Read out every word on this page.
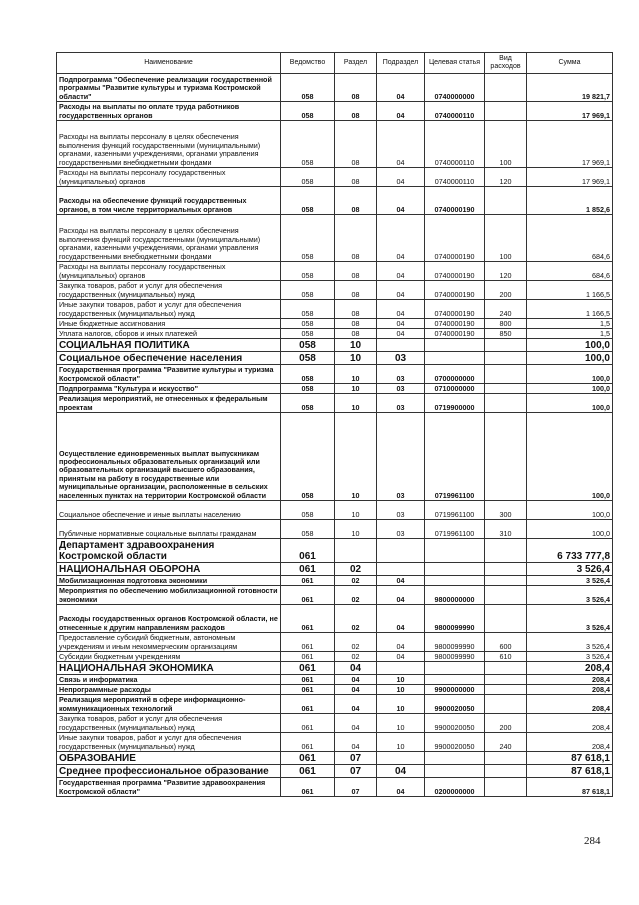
Наименование	Ведомство	Раздел	Подраздел	Целевая статья	Вид расходов	Сумма
Подпрограмма "Обеспечение реализации государственной программы "Развитие культуры и туризма Костромской области"	058	08	04	0740000000		19 821,7
Расходы на выплаты по оплате труда работников государственных органов	058	08	04	0740000110		17 969,1
Расходы на выплаты персоналу в целях обеспечения выполнения функций государственными (муниципальными) органами, казенными учреждениями, органами управления государственными внебюджетными фондами	058	08	04	0740000110	100	17 969,1
Расходы на выплаты персоналу государственных (муниципальных) органов	058	08	04	0740000110	120	17 969,1
Расходы на обеспечение функций государственных органов, в том числе территориальных органов	058	08	04	0740000190		1 852,6
Расходы на выплаты персоналу в целях обеспечения выполнения функций государственными (муниципальными) органами, казенными учреждениями, органами управления государственными внебюджетными фондами	058	08	04	0740000190	100	684,6
Расходы на выплаты персоналу государственных (муниципальных) органов	058	08	04	0740000190	120	684,6
Закупка товаров, работ и услуг для обеспечения государственных (муниципальных) нужд	058	08	04	0740000190	200	1 166,5
Иные закупки товаров, работ и услуг для обеспечения государственных (муниципальных) нужд	058	08	04	0740000190	240	1 166,5
Иные бюджетные ассигнования	058	08	04	0740000190	800	1,5
Уплата налогов, сборов и иных платежей	058	08	04	0740000190	850	1,5
СОЦИАЛЬНАЯ ПОЛИТИКА	058	10				100,0
Социальное обеспечение населения	058	10	03			100,0
Государственная программа "Развитие культуры и туризма Костромской области"	058	10	03	0700000000		100,0
Подпрограмма "Культура и искусство"	058	10	03	0710000000		100,0
Реализация мероприятий, не отнесенных к федеральным проектам	058	10	03	0719900000		100,0
Осуществление единовременных выплат выпускникам профессиональных образовательных организаций или образовательных организаций высшего образования, принятым на работу в государственные или муниципальные организации, расположенные в сельских населенных пунктах на территории Костромской области	058	10	03	0719961100		100,0
Социальное обеспечение и иные выплаты населению	058	10	03	0719961100	300	100,0
Публичные нормативные социальные выплаты гражданам	058	10	03	0719961100	310	100,0
Департамент здравоохранения Костромской области	061					6 733 777,8
НАЦИОНАЛЬНАЯ ОБОРОНА	061	02				3 526,4
Мобилизационная подготовка экономики	061	02	04			3 526,4
Мероприятия по обеспечению мобилизационной готовности экономики	061	02	04	9800000000		3 526,4
Расходы государственных органов Костромской области, не отнесенные к другим направлениям расходов	061	02	04	9800099990		3 526,4
Предоставление субсидий бюджетным, автономным учреждениям и иным некоммерческим организациям	061	02	04	9800099990	600	3 526,4
Субсидии бюджетным учреждениям	061	02	04	9800099990	610	3 526,4
НАЦИОНАЛЬНАЯ ЭКОНОМИКА	061	04				208,4
Связь и информатика	061	04	10			208,4
Непрограммные расходы	061	04	10	9900000000		208,4
Реализация мероприятий в сфере информационно-коммуникационных технологий	061	04	10	9900020050		208,4
Закупка товаров, работ и услуг для обеспечения государственных (муниципальных) нужд	061	04	10	9900020050	200	208,4
Иные закупки товаров, работ и услуг для обеспечения государственных (муниципальных) нужд	061	04	10	9900020050	240	208,4
ОБРАЗОВАНИЕ	061	07				87 618,1
Среднее профессиональное образование	061	07	04			87 618,1
Государственная программа "Развитие здравоохранения Костромской области"	061	07	04	0200000000		87 618,1
284
